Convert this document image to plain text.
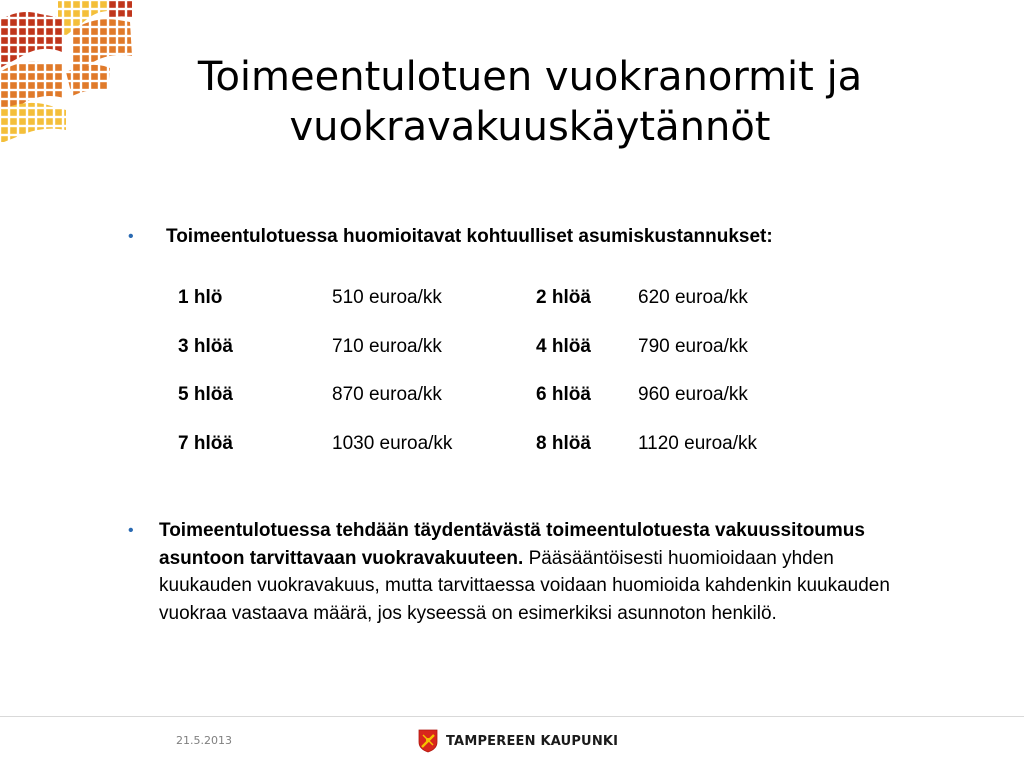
Toimeentulotuen vuokranormit ja
vuokravakuuskäytännöt
• Toimeentulotuessa huomioitavat kohtuulliset asumiskustannukset:
1 hlö	510 euroa/kk	2 hlöä	620 euroa/kk
3 hlöä	710 euroa/kk	4 hlöä	790 euroa/kk
5 hlöä	870 euroa/kk	6 hlöä	960 euroa/kk
7 hlöä	1030 euroa/kk	8 hlöä	1120 euroa/kk
• Toimeentulotuessa tehdään täydentävästä toimeentulotuesta vakuussitoumus asuntoon tarvittavaan vuokravakuuteen. Pääsääntöisesti huomioidaan yhden kuukauden vuokravakuus, mutta tarvittaessa voidaan huomioida kahdenkin kuukauden vuokraa vastaava määrä, jos kyseessä on esimerkiksi asunnoton henkilö.
21.5.2013	TAMPEREEN KAUPUNKI
